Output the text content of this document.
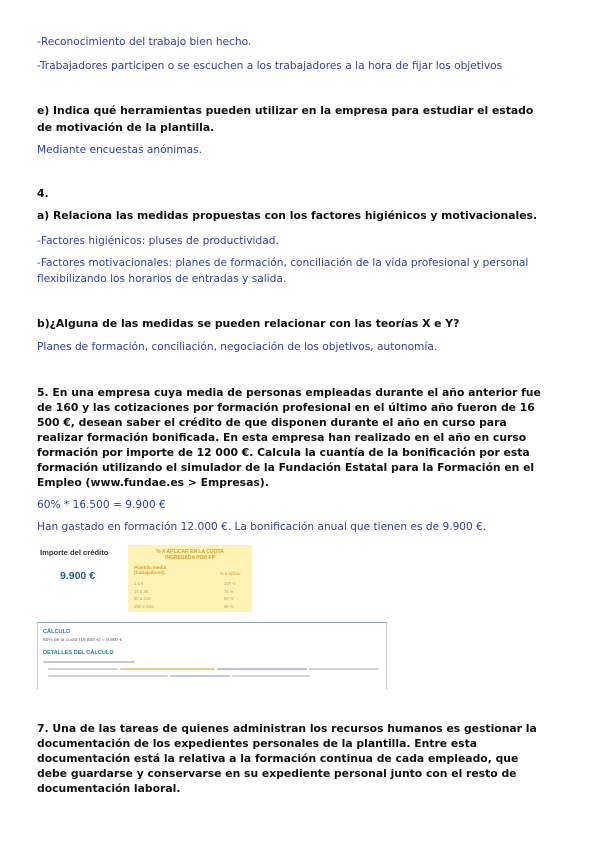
-Reconocimiento del trabajo bien hecho.
-Trabajadores participen o se escuchen a los trabajadores a la hora de fijar los objetivos
e) Indica qué herramientas pueden utilizar en la empresa para estudiar el estado
de motivación de la plantilla.
Mediante encuestas anónimas.
4.
a) Relaciona las medidas propuestas con los factores higiénicos y motivacionales.
-Factores higiénicos: pluses de productividad.
-Factores motivacionales: planes de formación, conciliación de la vida profesional y personal
flexibilizando los horarios de entradas y salida.
b)¿Alguna de las medidas se pueden relacionar con las teorías X e Y?
Planes de formación, conciliación, negociación de los objetivos, autonomía.
5. En una empresa cuya media de personas empleadas durante el año anterior fue
de 160 y las cotizaciones por formación profesional en el último año fueron de 16
500 €, desean saber el crédito de que disponen durante el año en curso para
realizar formación bonificada. En esta empresa han realizado en el año en curso
formación por importe de 12 000 €. Calcula la cuantía de la bonificación por esta
formación utilizando el simulador de la Fundación Estatal para la Formación en el
Empleo (www.fundae.es > Empresas).
60% * 16.500 = 9.900 €
Han gastado en formación 12.000 €. La bonificación anual que tienen es de 9.900 €.
Importe del crédito
9.900 €
% A APLICAR EN LA CUOTA
INGRESADA POR FP
Plantilla media (trabajadores)	% a aplicar
1 a 9	100 %
10 a 49	75 %
50 a 249	60 %
250 o más	50 %
CÁLCULO
60% de la cuota (16.500 €) = 9.900 €
DETALLES DEL CÁLCULO
7. Una de las tareas de quienes administran los recursos humanos es gestionar la
documentación de los expedientes personales de la plantilla. Entre esta
documentación está la relativa a la formación continua de cada empleado, que
debe guardarse y conservarse en su expediente personal junto con el resto de
documentación laboral.
